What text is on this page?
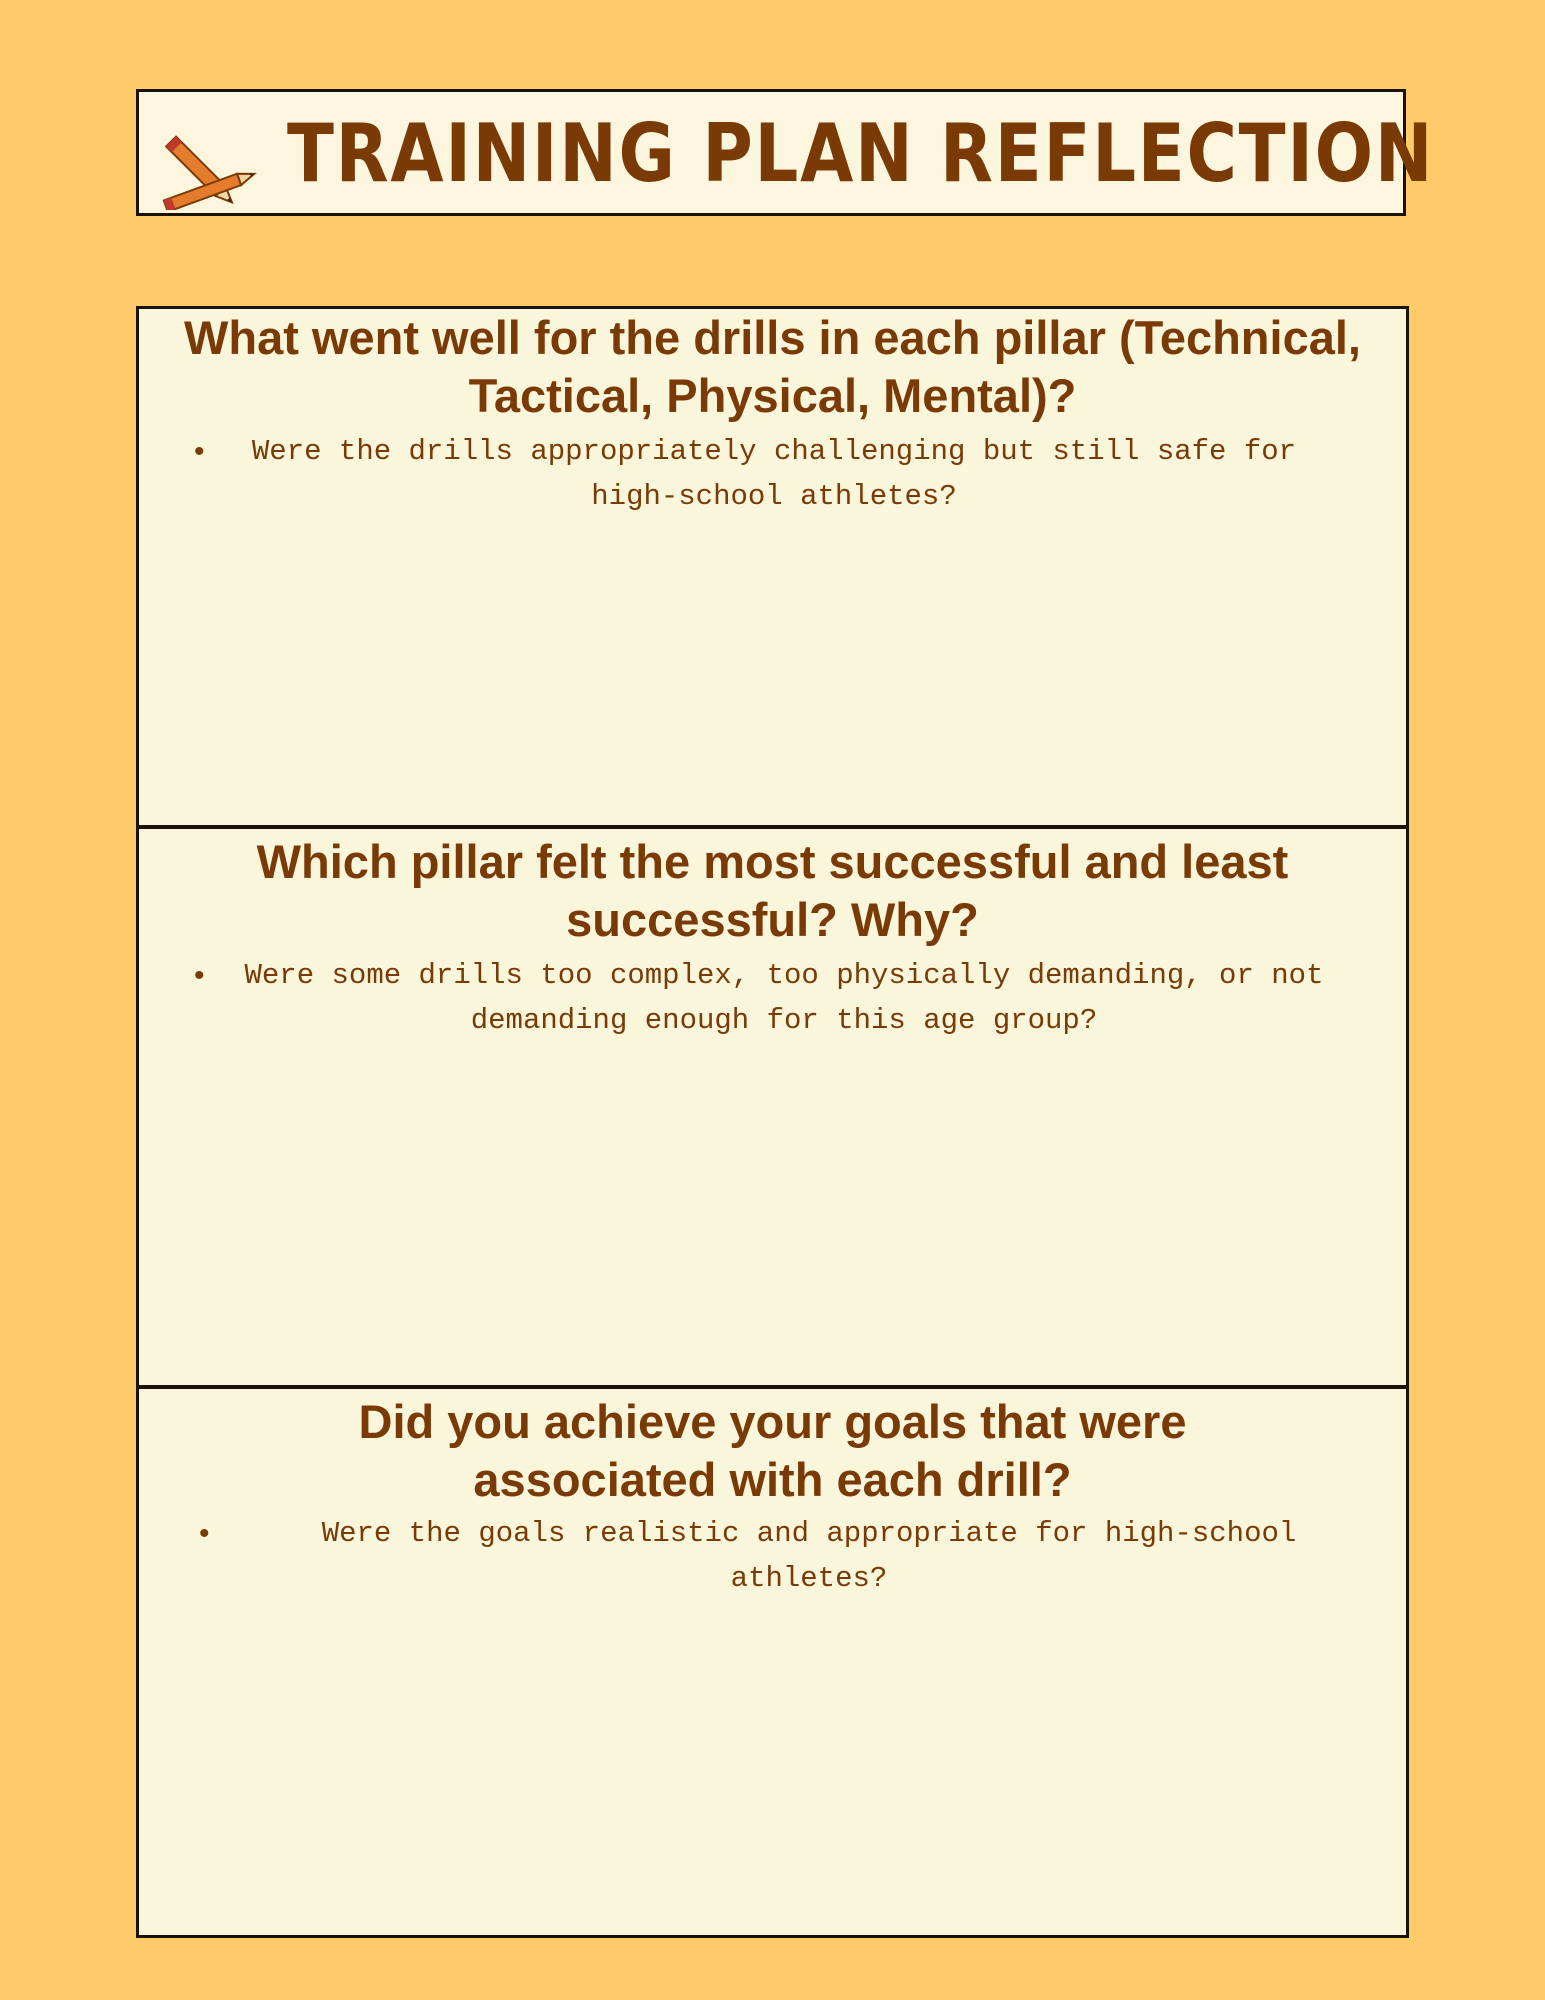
TRAINING PLAN REFLECTION

What went well for the drills in each pillar (Technical, Tactical, Physical, Mental)?

•	Were the drills appropriately challenging but still safe for high-school athletes?

Which pillar felt the most successful and least successful? Why?

• Were some drills too complex, too physically demanding, or not demanding enough for this age group?

Did you achieve your goals that were associated with each drill?

•	Were the goals realistic and appropriate for high-school athletes?
